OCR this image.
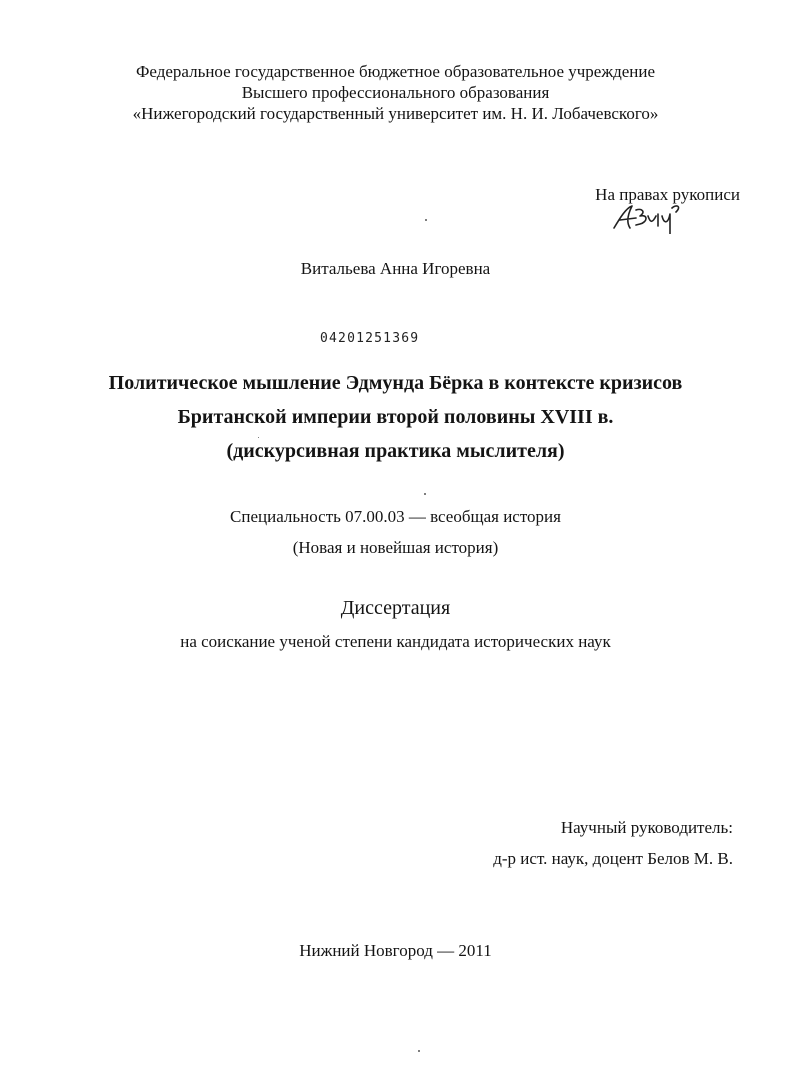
Федеральное государственное бюджетное образовательное учреждение
Высшего профессионального образования
«Нижегородский государственный университет им. Н. И. Лобачевского»
На правах рукописи
Витальева Анна Игоревна
04201251369
Политическое мышление Эдмунда Бёрка в контексте кризисов
Британской империи второй половины XVIII в.
(дискурсивная практика мыслителя)
Специальность 07.00.03 — всеобщая история
(Новая и новейшая история)
Диссертация
на соискание ученой степени кандидата исторических наук
Научный руководитель:
д-р ист. наук, доцент Белов М. В.
Нижний Новгород — 2011
